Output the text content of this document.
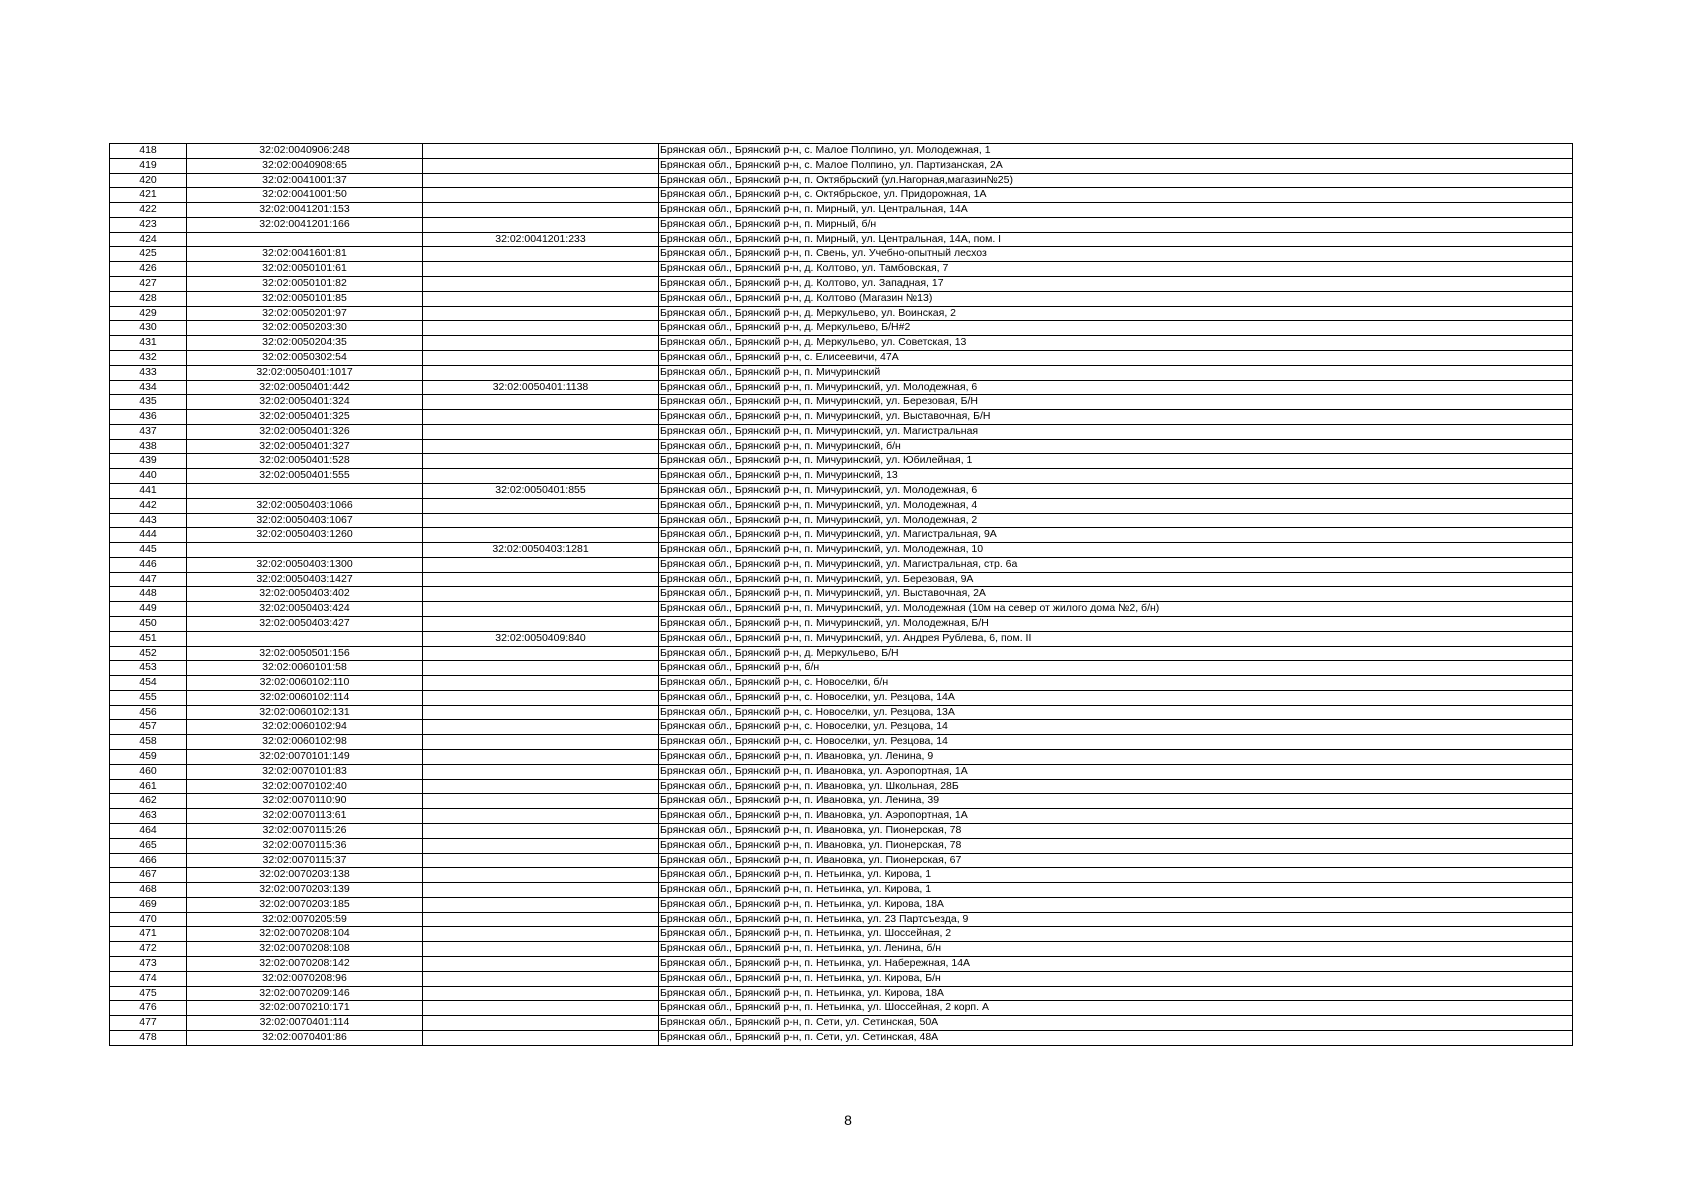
418	32:02:0040906:248		Брянская обл., Брянский р-н, с. Малое Полпино, ул. Молодежная, 1
419	32:02:0040908:65		Брянская обл., Брянский р-н, с. Малое Полпино, ул. Партизанская, 2А
420	32:02:0041001:37		Брянская обл., Брянский р-н, п. Октябрьский (ул.Нагорная,магазин№25)
421	32:02:0041001:50		Брянская обл., Брянский р-н, с. Октябрьское, ул. Придорожная, 1А
422	32:02:0041201:153		Брянская обл., Брянский р-н, п. Мирный, ул. Центральная, 14А
423	32:02:0041201:166		Брянская обл., Брянский р-н, п. Мирный, б/н
424		32:02:0041201:233	Брянская обл., Брянский р-н, п. Мирный, ул. Центральная, 14А, пом. I
425	32:02:0041601:81		Брянская обл., Брянский р-н, п. Свень, ул. Учебно-опытный лесхоз
426	32:02:0050101:61		Брянская обл., Брянский р-н, д. Колтово, ул. Тамбовская, 7
427	32:02:0050101:82		Брянская обл., Брянский р-н, д. Колтово, ул. Западная, 17
428	32:02:0050101:85		Брянская обл., Брянский р-н, д. Колтово (Магазин №13)
429	32:02:0050201:97		Брянская обл., Брянский р-н, д. Меркульево, ул. Воинская, 2
430	32:02:0050203:30		Брянская обл., Брянский р-н, д. Меркульево, Б/Н#2
431	32:02:0050204:35		Брянская обл., Брянский р-н, д. Меркульево, ул. Советская, 13
432	32:02:0050302:54		Брянская обл., Брянский р-н, с. Елисеевичи, 47А
433	32:02:0050401:1017		Брянская обл., Брянский р-н, п. Мичуринский
434	32:02:0050401:442	32:02:0050401:1138	Брянская обл., Брянский р-н, п. Мичуринский, ул. Молодежная, 6
435	32:02:0050401:324		Брянская обл., Брянский р-н, п. Мичуринский, ул. Березовая, Б/Н
436	32:02:0050401:325		Брянская обл., Брянский р-н, п. Мичуринский, ул. Выставочная, Б/Н
437	32:02:0050401:326		Брянская обл., Брянский р-н, п. Мичуринский, ул. Магистральная
438	32:02:0050401:327		Брянская обл., Брянский р-н, п. Мичуринский, б/н
439	32:02:0050401:528		Брянская обл., Брянский р-н, п. Мичуринский, ул. Юбилейная, 1
440	32:02:0050401:555		Брянская обл., Брянский р-н, п. Мичуринский, 13
441		32:02:0050401:855	Брянская обл., Брянский р-н, п. Мичуринский, ул. Молодежная, 6
442	32:02:0050403:1066		Брянская обл., Брянский р-н, п. Мичуринский, ул. Молодежная, 4
443	32:02:0050403:1067		Брянская обл., Брянский р-н, п. Мичуринский, ул. Молодежная, 2
444	32:02:0050403:1260		Брянская обл., Брянский р-н, п. Мичуринский, ул. Магистральная, 9А
445		32:02:0050403:1281	Брянская обл., Брянский р-н, п. Мичуринский, ул. Молодежная, 10
446	32:02:0050403:1300		Брянская обл., Брянский р-н, п. Мичуринский, ул. Магистральная, стр. 6а
447	32:02:0050403:1427		Брянская обл., Брянский р-н, п. Мичуринский, ул. Березовая, 9А
448	32:02:0050403:402		Брянская обл., Брянский р-н, п. Мичуринский, ул. Выставочная, 2А
449	32:02:0050403:424		Брянская обл., Брянский р-н, п. Мичуринский, ул. Молодежная (10м на север от жилого дома №2, б/н)
450	32:02:0050403:427		Брянская обл., Брянский р-н, п. Мичуринский, ул. Молодежная, Б/Н
451		32:02:0050409:840	Брянская обл., Брянский р-н, п. Мичуринский, ул. Андрея Рублева, 6, пом. II
452	32:02:0050501:156		Брянская обл., Брянский р-н, д. Меркульево, Б/Н
453	32:02:0060101:58		Брянская обл., Брянский р-н, б/н
454	32:02:0060102:110		Брянская обл., Брянский р-н, с. Новоселки, б/н
455	32:02:0060102:114		Брянская обл., Брянский р-н, с. Новоселки, ул. Резцова, 14А
456	32:02:0060102:131		Брянская обл., Брянский р-н, с. Новоселки, ул. Резцова, 13А
457	32:02:0060102:94		Брянская обл., Брянский р-н, с. Новоселки, ул. Резцова, 14
458	32:02:0060102:98		Брянская обл., Брянский р-н, с. Новоселки, ул. Резцова, 14
459	32:02:0070101:149		Брянская обл., Брянский р-н, п. Ивановка, ул. Ленина, 9
460	32:02:0070101:83		Брянская обл., Брянский р-н, п. Ивановка, ул. Аэропортная, 1А
461	32:02:0070102:40		Брянская обл., Брянский р-н, п. Ивановка, ул. Школьная, 28Б
462	32:02:0070110:90		Брянская обл., Брянский р-н, п. Ивановка, ул. Ленина, 39
463	32:02:0070113:61		Брянская обл., Брянский р-н, п. Ивановка, ул. Аэропортная, 1А
464	32:02:0070115:26		Брянская обл., Брянский р-н, п. Ивановка, ул. Пионерская, 78
465	32:02:0070115:36		Брянская обл., Брянский р-н, п. Ивановка, ул. Пионерская, 78
466	32:02:0070115:37		Брянская обл., Брянский р-н, п. Ивановка, ул. Пионерская, 67
467	32:02:0070203:138		Брянская обл., Брянский р-н, п. Нетьинка, ул. Кирова, 1
468	32:02:0070203:139		Брянская обл., Брянский р-н, п. Нетьинка, ул. Кирова, 1
469	32:02:0070203:185		Брянская обл., Брянский р-н, п. Нетьинка, ул. Кирова, 18А
470	32:02:0070205:59		Брянская обл., Брянский р-н, п. Нетьинка, ул. 23 Партсъезда, 9
471	32:02:0070208:104		Брянская обл., Брянский р-н, п. Нетьинка, ул. Шоссейная, 2
472	32:02:0070208:108		Брянская обл., Брянский р-н, п. Нетьинка, ул. Ленина, б/н
473	32:02:0070208:142		Брянская обл., Брянский р-н, п. Нетьинка, ул. Набережная, 14А
474	32:02:0070208:96		Брянская обл., Брянский р-н, п. Нетьинка, ул. Кирова, Б/н
475	32:02:0070209:146		Брянская обл., Брянский р-н, п. Нетьинка, ул. Кирова, 18А
476	32:02:0070210:171		Брянская обл., Брянский р-н, п. Нетьинка, ул. Шоссейная, 2 корп. А
477	32:02:0070401:114		Брянская обл., Брянский р-н, п. Сети, ул. Сетинская, 50А
478	32:02:0070401:86		Брянская обл., Брянский р-н, п. Сети, ул. Сетинская, 48А
8
